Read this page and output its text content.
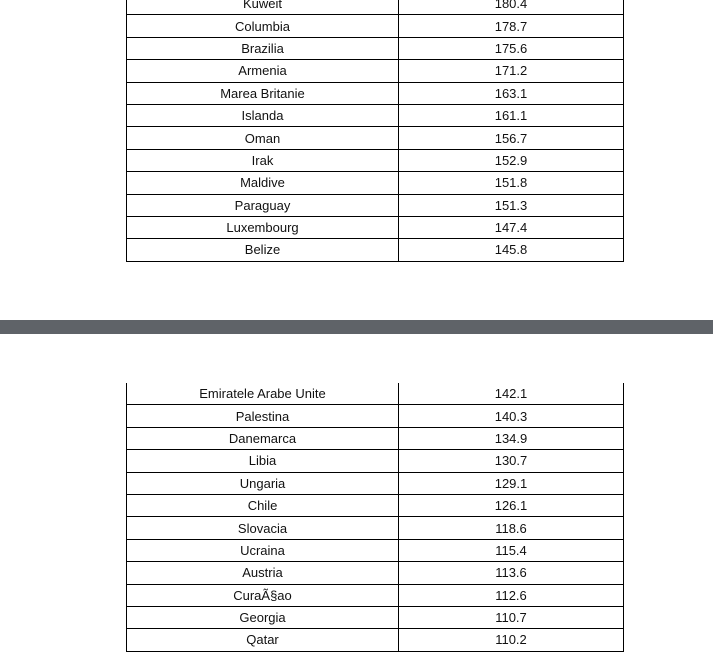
Kuweit	180.4
Columbia	178.7
Brazilia	175.6
Armenia	171.2
Marea Britanie	163.1
Islanda	161.1
Oman	156.7
Irak	152.9
Maldive	151.8
Paraguay	151.3
Luxembourg	147.4
Belize	145.8
Emiratele Arabe Unite	142.1
Palestina	140.3
Danemarca	134.9
Libia	130.7
Ungaria	129.1
Chile	126.1
Slovacia	118.6
Ucraina	115.4
Austria	113.6
CuraÃ§ao	112.6
Georgia	110.7
Qatar	110.2
